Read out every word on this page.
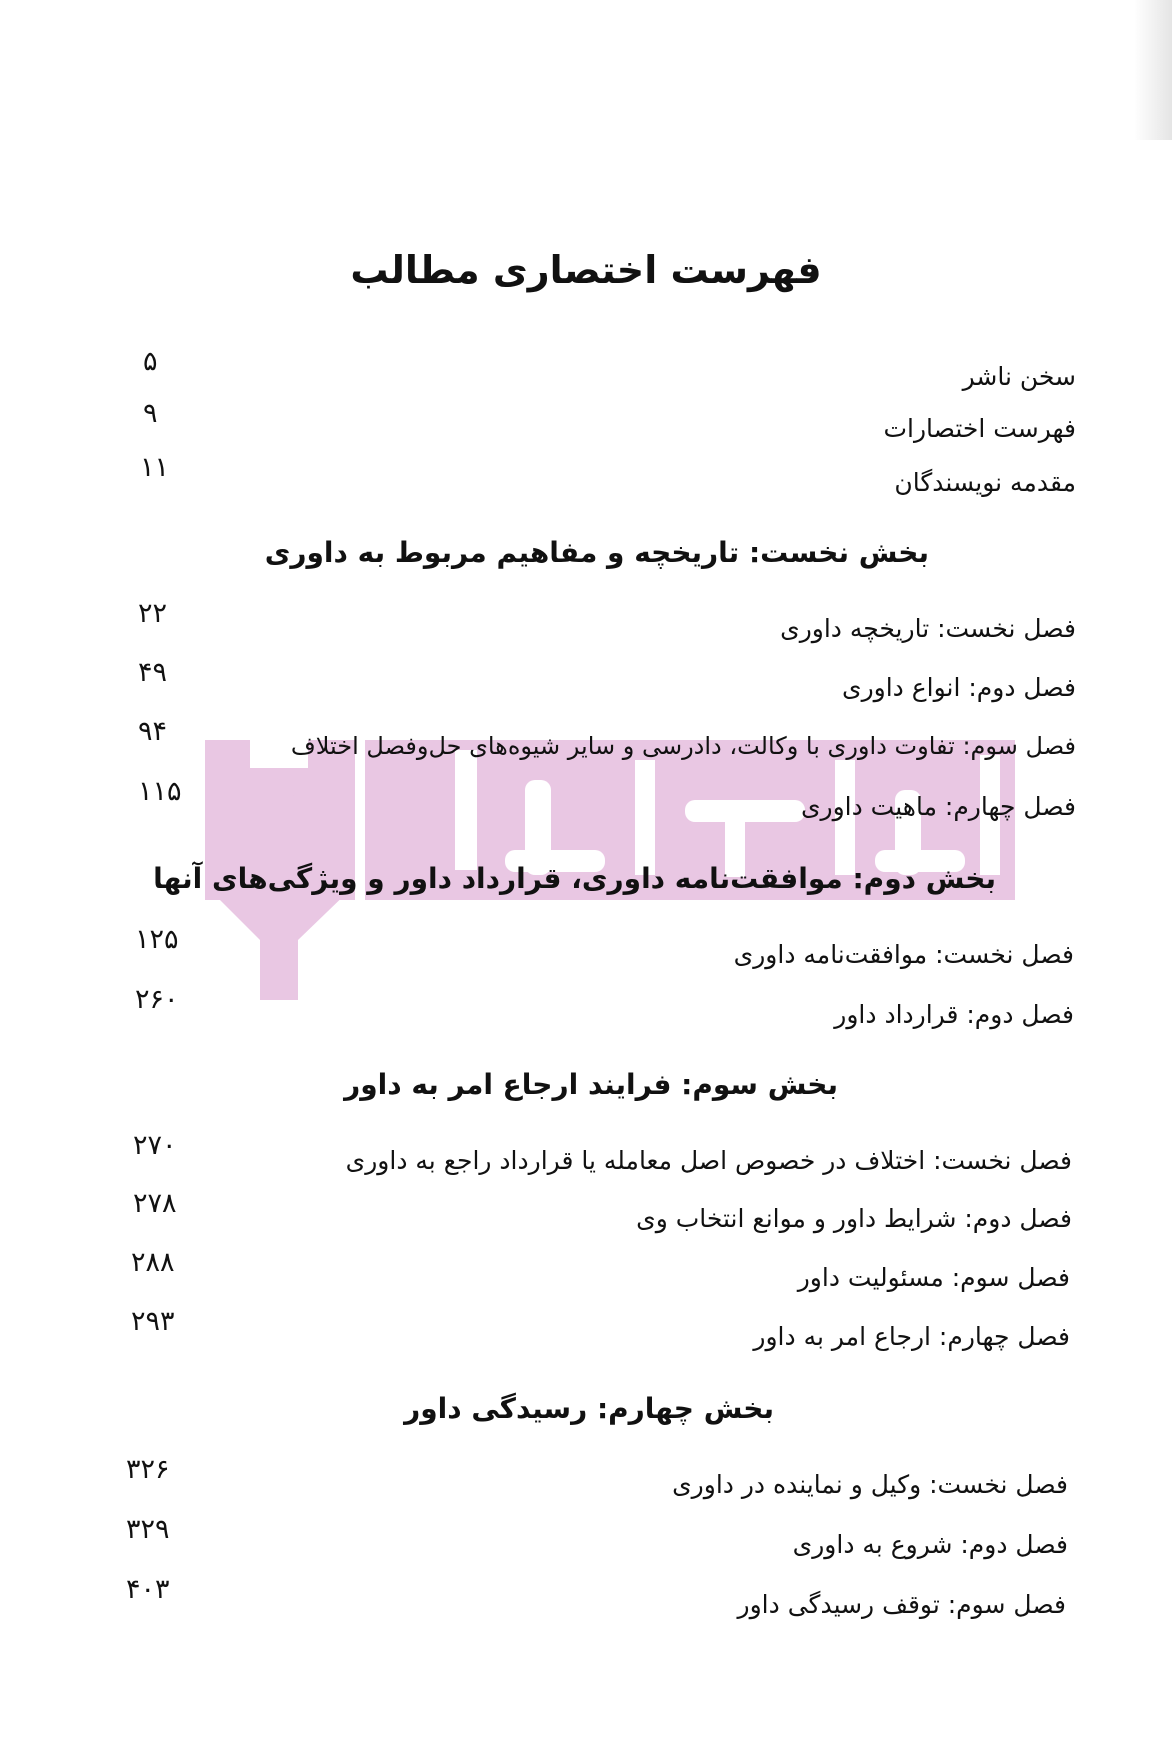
فهرست اختصاری مطالب
سخن ناشر
۵
فهرست اختصارات
۹
مقدمه نویسندگان
۱۱
بخش نخست: تاریخچه و مفاهیم مربوط به داوری
فصل نخست: تاریخچه داوری
۲۲
فصل دوم: انواع داوری
۴۹
فصل سوم: تفاوت داوری با وکالت، دادرسی و سایر شیوه‌های حل‌وفصل اختلاف
۹۴
فصل چهارم: ماهیت داوری
۱۱۵
بخش دوم: موافقت‌نامه داوری، قرارداد داور و ویژگی‌های آنها
فصل نخست: موافقت‌نامه داوری
۱۲۵
فصل دوم: قرارداد داور
۲۶۰
بخش سوم: فرایند ارجاع امر به داور
فصل نخست: اختلاف در خصوص اصل معامله یا قرارداد راجع به داوری
۲۷۰
فصل دوم: شرایط داور و موانع انتخاب وی
۲۷۸
فصل سوم: مسئولیت داور
۲۸۸
فصل چهارم: ارجاع امر به داور
۲۹۳
بخش چهارم: رسیدگی داور
فصل نخست: وکیل و نماینده در داوری
۳۲۶
فصل دوم: شروع به داوری
۳۲۹
فصل سوم: توقف رسیدگی داور
۴۰۳
